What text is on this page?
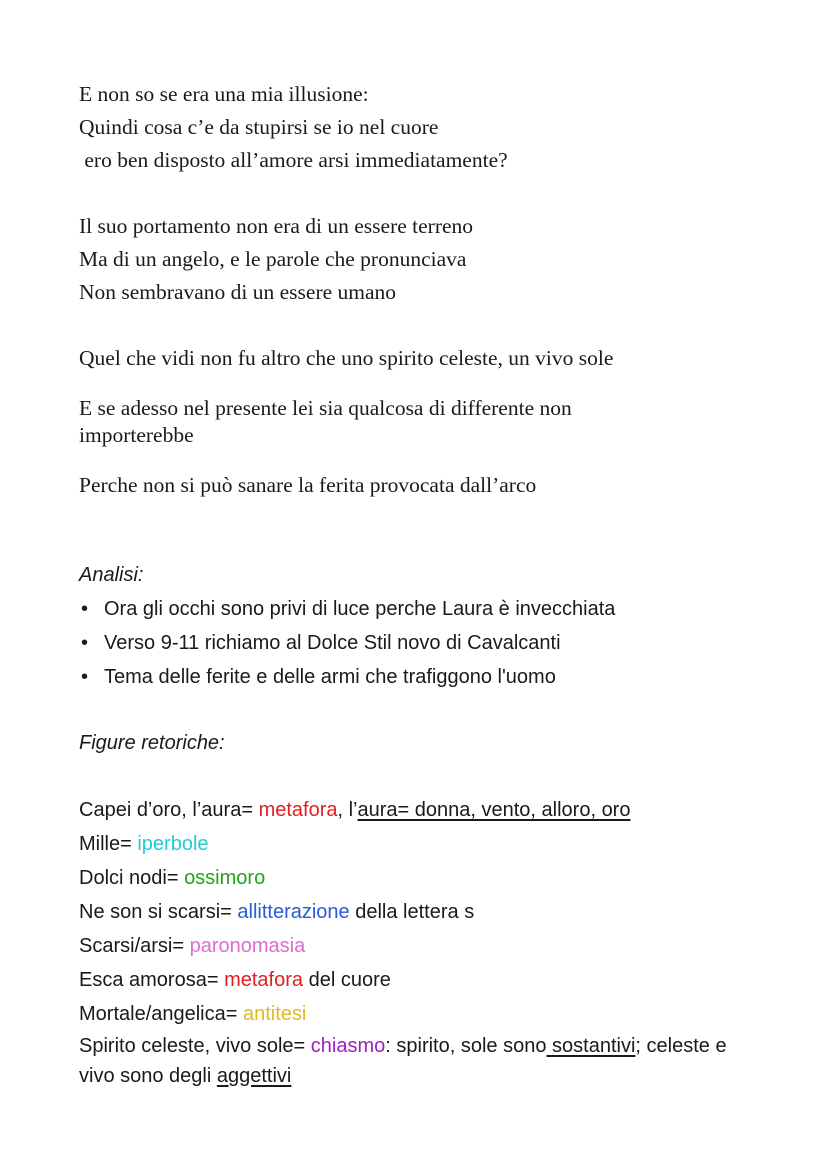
E non so se era una mia illusione:

Quindi cosa c’e da stupirsi se io nel cuore

ero ben disposto all’amore arsi immediatamente?

Il suo portamento non era di un essere terreno

Ma di un angelo, e le parole che pronunciava

Non sembravano di un essere umano

Quel che vidi non fu altro che uno spirito celeste, un vivo sole

E se adesso nel presente lei sia qualcosa di differente non importerebbe

Perche non si può sanare la ferita provocata dall’arco

Analisi:

• Ora gli occhi sono privi di luce perche Laura è invecchiata
• Verso 9-11 richiamo al Dolce Stil novo di Cavalcanti
• Tema delle ferite e delle armi che trafiggono l'uomo

Figure retoriche:

Capei d’oro, l’aura= metafora, l’aura= donna, vento, alloro, oro

Mille= iperbole

Dolci nodi= ossimoro

Ne son si scarsi= allitterazione della lettera s

Scarsi/arsi= paronomasia

Esca amorosa= metafora del cuore

Mortale/angelica= antitesi

Spirito celeste, vivo sole= chiasmo: spirito, sole sono sostantivi; celeste e vivo sono degli aggettivi
